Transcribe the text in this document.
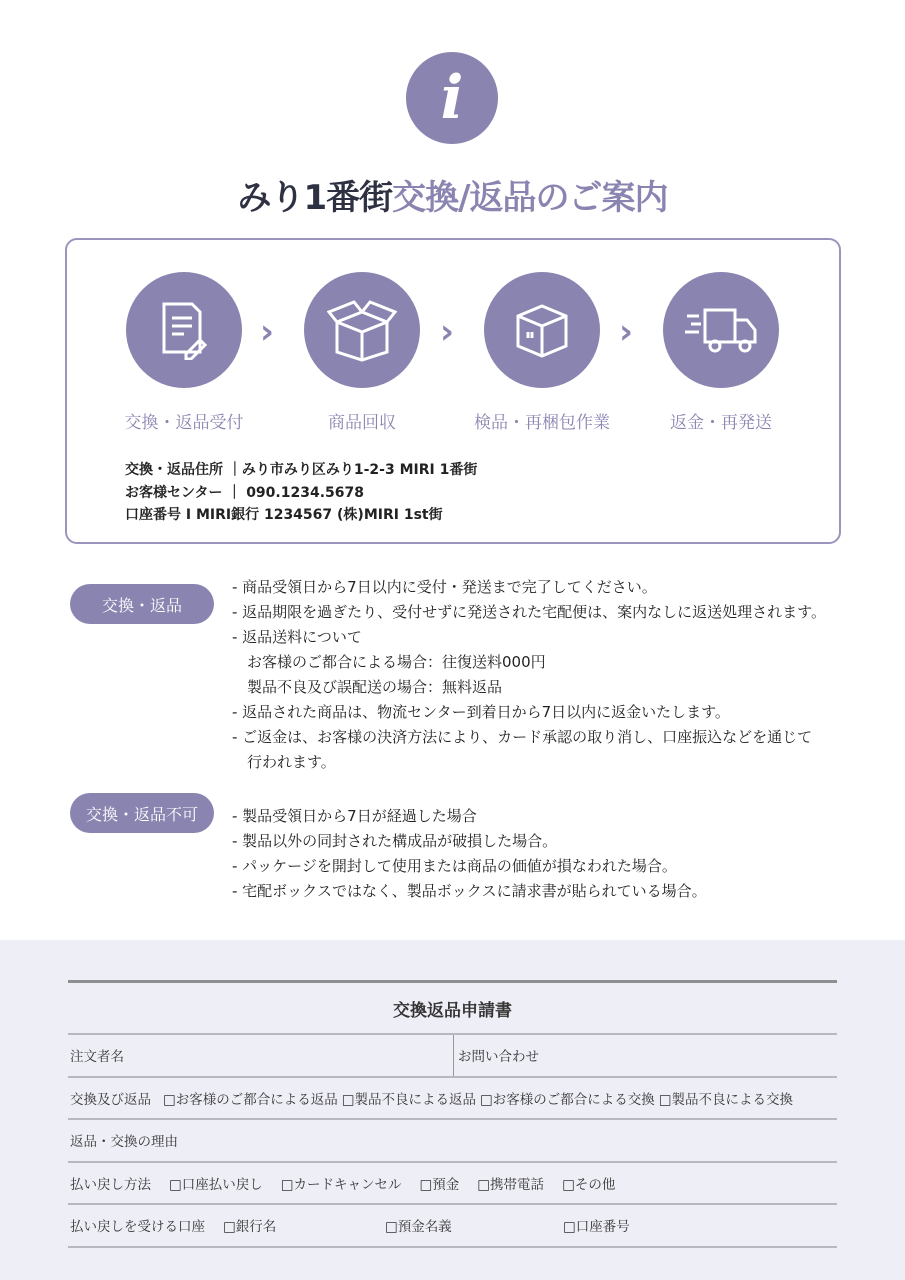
i
みり1番街交換/返品のご案内
›	›	›
交換・返品受付	商品回収	検品・再梱包作業	返金・再発送
交換・返品住所 ｜みり市みり区みり1-2-3 MIRI 1番街
お客様センター ｜ 090.1234.5678
口座番号 I MIRI銀行 1234567 (株)MIRI 1st街
交換・返品
- 商品受領日から7日以内に受付・発送まで完了してください。
- 返品期限を過ぎたり、受付せずに発送された宅配便は、案内なしに返送処理されます。
- 返品送料について
　お客様のご都合による場合：往復送料000円
　製品不良及び誤配送の場合：無料返品
- 返品された商品は、物流センター到着日から7日以内に返金いたします。
- ご返金は、お客様の決済方法により、カード承認の取り消し、口座振込などを通じて
　行われます。
交換・返品不可	- 製品受領日から7日が経過した場合
- 製品以外の同封された構成品が破損した場合。
- パッケージを開封して使用または商品の価値が損なわれた場合。
- 宅配ボックスではなく、製品ボックスに請求書が貼られている場合。
交換返品申請書
注文者名	お問い合わせ
交換及び返品 □お客様のご都合による返品 □製品不良による返品 □お客様のご都合による交換 □製品不良による交換
返品・交換の理由
払い戻し方法 □口座払い戻し □カードキャンセル □預金 □携帯電話 □その他
払い戻しを受ける口座 □銀行名	□預金名義	□口座番号
